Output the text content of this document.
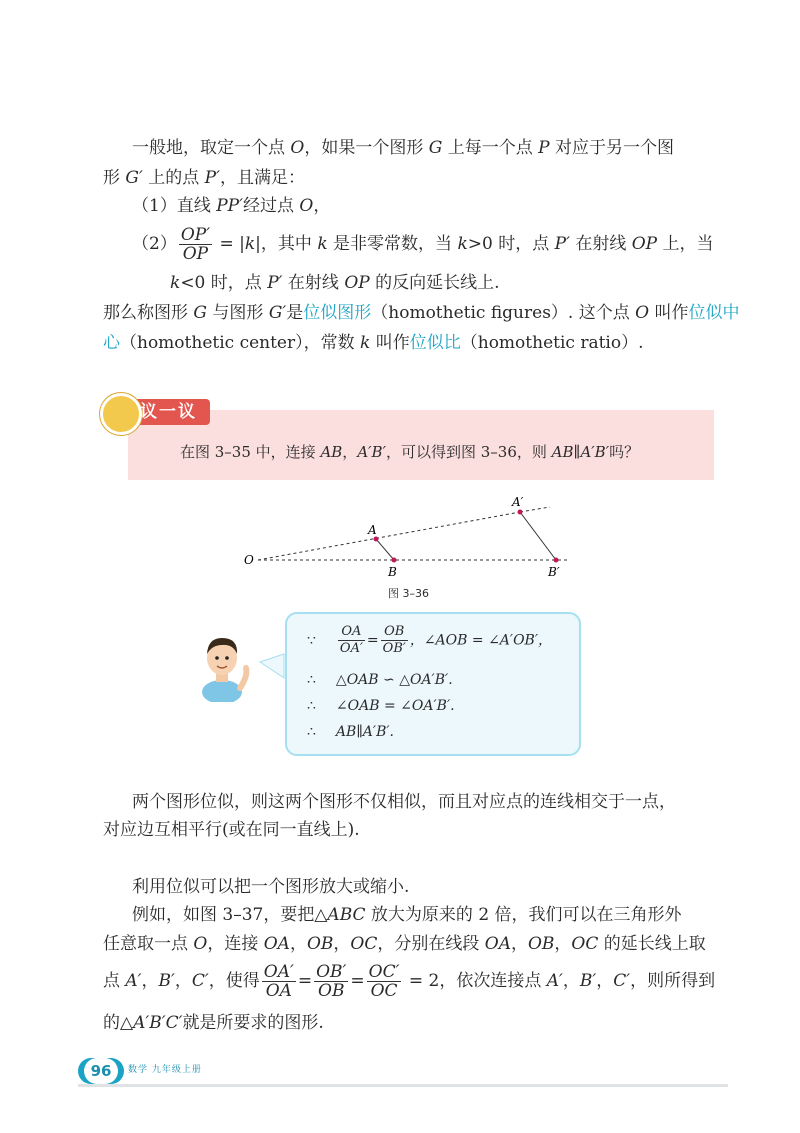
一般地，取定一个点 O，如果一个图形 G 上每一个点 P 对应于另一个图
形 G′ 上的点 P′，且满足：
（1）直线 PP′经过点 O，
$(2) \frac{OP'}{OP} = |k|$，其中 k 是非零常数，当 k>0 时，点 P′ 在射线 OP 上，当
k<0 时，点 P′ 在射线 OP 的反向延长线上.
那么称图形 G 与图形 G′是位似图形（homothetic figures）. 这个点 O 叫作位似中
心（homothetic center），常数 k 叫作位似比（homothetic ratio）.
议一议
在图 3–35 中，连接 AB，A′B′，可以得到图 3–36，则 AB∥A′B′吗？
O
A
B
A′
B′
图 3–36
∵ $\frac{OA}{OA'} = \frac{OB}{OB'}$ ，∠AOB = ∠A′OB′，
∴ △OAB ∽ △OA′B′.
∴ ∠OAB = ∠OA′B′.
∴ AB∥A′B′.
两个图形位似，则这两个图形不仅相似，而且对应点的连线相交于一点，
对应边互相平行(或在同一直线上).
利用位似可以把一个图形放大或缩小.
例如，如图 3–37，要把△ABC 放大为原来的 2 倍，我们可以在三角形外
任意取一点 O，连接 OA，OB，OC，分别在线段 OA，OB，OC 的延长线上取
点 A′，B′，C′，使得 $\frac{OA'}{OA} = \frac{OB'}{OB} = \frac{OC'}{OC} = 2$，依次连接点 A′，B′，C′，则所得到
的△A′B′C′就是所要求的图形.
96	数学 九年级上册
